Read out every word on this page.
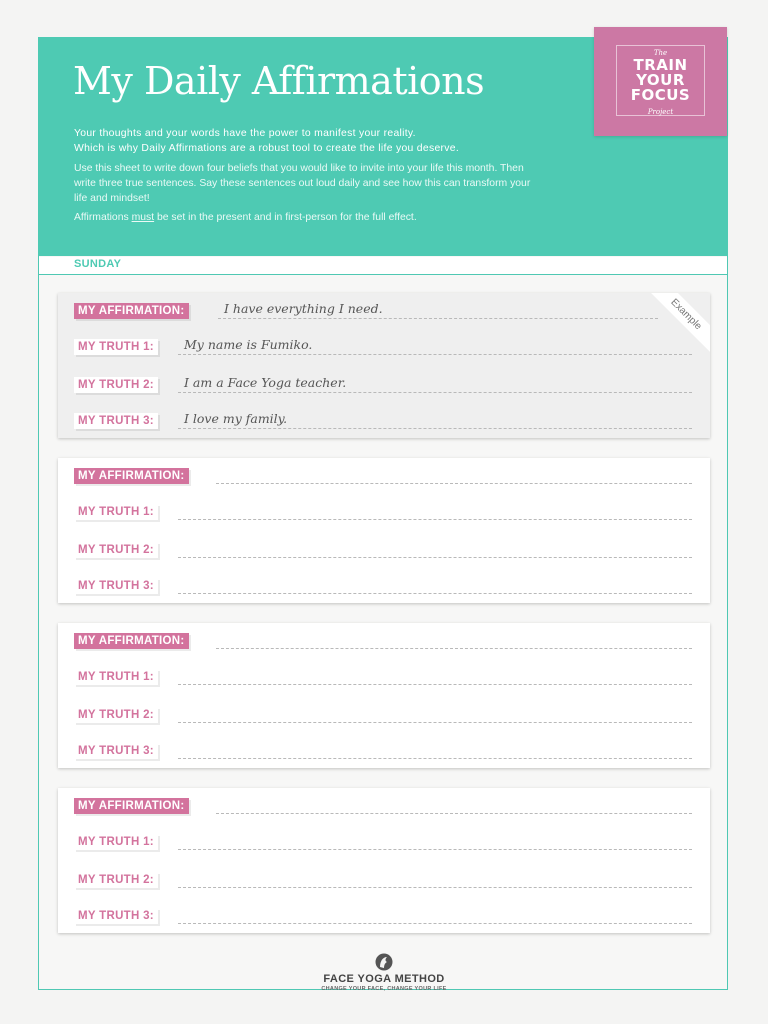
My Daily Affirmations
Your thoughts and your words have the power to manifest your reality.
Which is why Daily Affirmations are a robust tool to create the life you deserve.
Use this sheet to write down four beliefs that you would like to invite into your life this month. Then write three true sentences. Say these sentences out loud daily and see how this can transform your life and mindset!
Affirmations must be set in the present and in first-person for the full effect.
The
TRAIN
YOUR
FOCUS
Project
SUNDAY
Example
MY AFFIRMATION:	I have everything I need.
MY TRUTH 1:	My name is Fumiko.
MY TRUTH 2:	I am a Face Yoga teacher.
MY TRUTH 3:	I love my family.
MY AFFIRMATION:
MY TRUTH 1:
MY TRUTH 2:
MY TRUTH 3:
MY AFFIRMATION:
MY TRUTH 1:
MY TRUTH 2:
MY TRUTH 3:
MY AFFIRMATION:
MY TRUTH 1:
MY TRUTH 2:
MY TRUTH 3:
FACE YOGA METHOD
CHANGE YOUR FACE, CHANGE YOUR LIFE
